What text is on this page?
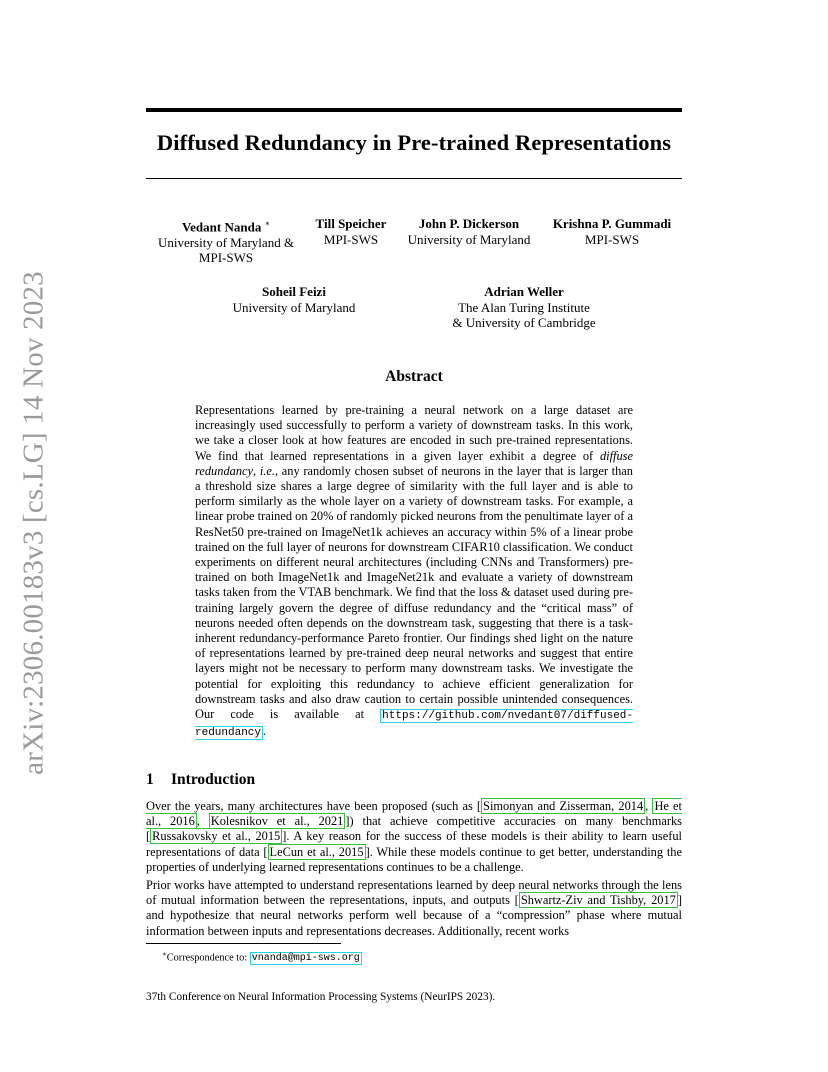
arXiv:2306.00183v3 [cs.LG] 14 Nov 2023
Diffused Redundancy in Pre-trained Representations
Vedant Nanda ∗
University of Maryland &
MPI-SWS
Till Speicher
MPI-SWS
John P. Dickerson
University of Maryland
Krishna P. Gummadi
MPI-SWS
Soheil Feizi
University of Maryland
Adrian Weller
The Alan Turing Institute
& University of Cambridge
Abstract
Representations learned by pre-training a neural network on a large dataset are increasingly used successfully to perform a variety of downstream tasks. In this work, we take a closer look at how features are encoded in such pre-trained representations. We find that learned representations in a given layer exhibit a degree of diffuse redundancy, i.e., any randomly chosen subset of neurons in the layer that is larger than a threshold size shares a large degree of similarity with the full layer and is able to perform similarly as the whole layer on a variety of downstream tasks. For example, a linear probe trained on 20% of randomly picked neurons from the penultimate layer of a ResNet50 pre-trained on ImageNet1k achieves an accuracy within 5% of a linear probe trained on the full layer of neurons for downstream CIFAR10 classification. We conduct experiments on different neural architectures (including CNNs and Transformers) pre-trained on both ImageNet1k and ImageNet21k and evaluate a variety of downstream tasks taken from the VTAB benchmark. We find that the loss & dataset used during pre-training largely govern the degree of diffuse redundancy and the “critical mass” of neurons needed often depends on the downstream task, suggesting that there is a task-inherent redundancy-performance Pareto frontier. Our findings shed light on the nature of representations learned by pre-trained deep neural networks and suggest that entire layers might not be necessary to perform many downstream tasks. We investigate the potential for exploiting this redundancy to achieve efficient generalization for downstream tasks and also draw caution to certain possible unintended consequences. Our code is available at https://github.com/nvedant07/diffused-redundancy .
1 Introduction
Over the years, many architectures have been proposed (such as [ Simonyan and Zisserman, 2014 , He et al., 2016 , Kolesnikov et al., 2021 ]) that achieve competitive accuracies on many benchmarks [ Russakovsky et al., 2015 ]. A key reason for the success of these models is their ability to learn useful representations of data [ LeCun et al., 2015 ]. While these models continue to get better, understanding the properties of underlying learned representations continues to be a challenge.
Prior works have attempted to understand representations learned by deep neural networks through the lens of mutual information between the representations, inputs, and outputs [ Shwartz-Ziv and Tishby, 2017 ] and hypothesize that neural networks perform well because of a “compression” phase where mutual information between inputs and representations decreases. Additionally, recent works
∗Correspondence to: vnanda@mpi-sws.org
37th Conference on Neural Information Processing Systems (NeurIPS 2023).
